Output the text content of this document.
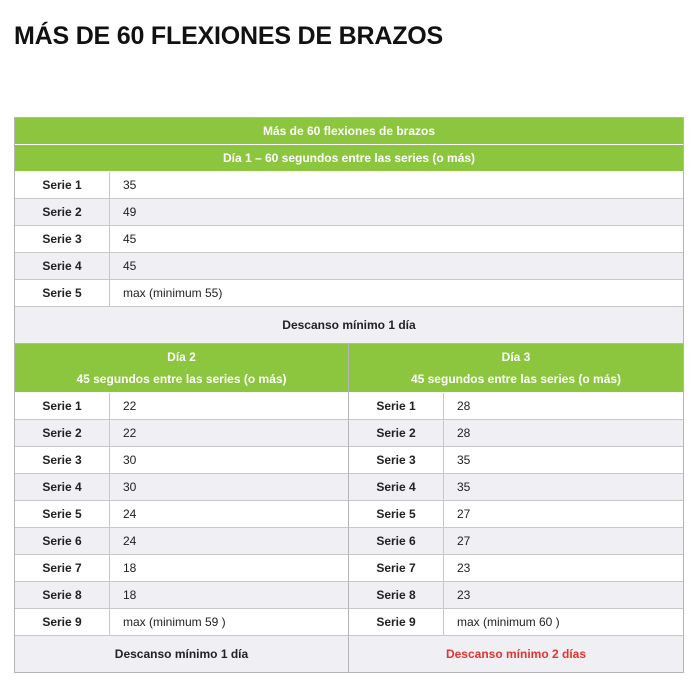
MÁS DE 60 FLEXIONES DE BRAZOS
Más de 60 flexiones de brazos
Día 1 – 60 segundos entre las series (o más)
Serie 1	35
Serie 2	49
Serie 3	45
Serie 4	45
Serie 5	max (minimum 55)
Descanso mínimo 1 día
Día 2
45 segundos entre las series (o más)
Serie 1	22
Serie 2	22
Serie 3	30
Serie 4	30
Serie 5	24
Serie 6	24
Serie 7	18
Serie 8	18
Serie 9	max (minimum 59 )
Descanso mínimo 1 día
Día 3
45 segundos entre las series (o más)
Serie 1	28
Serie 2	28
Serie 3	35
Serie 4	35
Serie 5	27
Serie 6	27
Serie 7	23
Serie 8	23
Serie 9	max (minimum 60 )
Descanso mínimo 2 días
